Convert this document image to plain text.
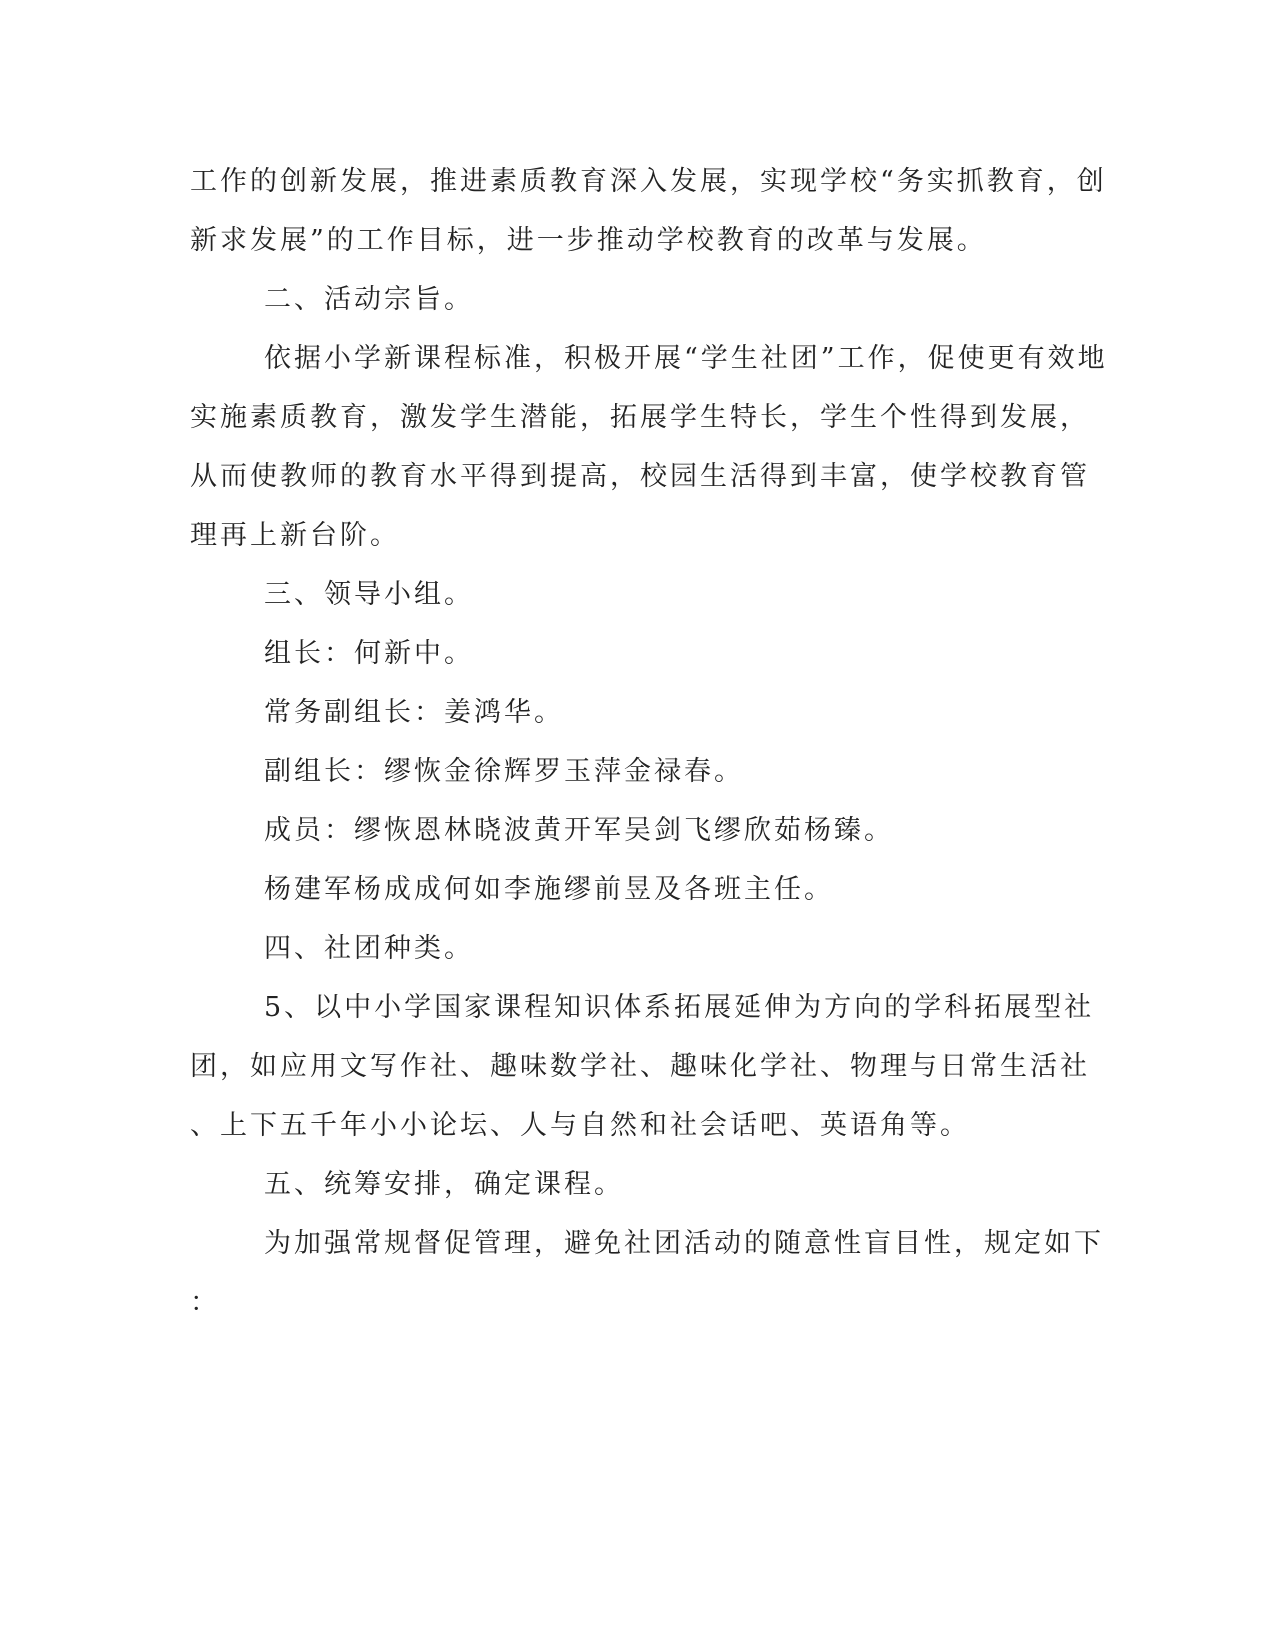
工作的创新发展，推进素质教育深入发展，实现学校“务实抓教育，创
新求发展”的工作目标，进一步推动学校教育的改革与发展。
二、活动宗旨。
依据小学新课程标准，积极开展“学生社团”工作，促使更有效地
实施素质教育，激发学生潜能，拓展学生特长，学生个性得到发展，
从而使教师的教育水平得到提高，校园生活得到丰富，使学校教育管
理再上新台阶。
三、领导小组。
组长：何新中。
常务副组长：姜鸿华。
副组长：缪恢金徐辉罗玉萍金禄春。
成员：缪恢恩林晓波黄开军吴剑飞缪欣茹杨臻。
杨建军杨成成何如李施缪前昱及各班主任。
四、社团种类。
5、以中小学国家课程知识体系拓展延伸为方向的学科拓展型社
团，如应用文写作社、趣味数学社、趣味化学社、物理与日常生活社
、上下五千年小小论坛、人与自然和社会话吧、英语角等。
五、统筹安排，确定课程。
为加强常规督促管理，避免社团活动的随意性盲目性，规定如下
：
